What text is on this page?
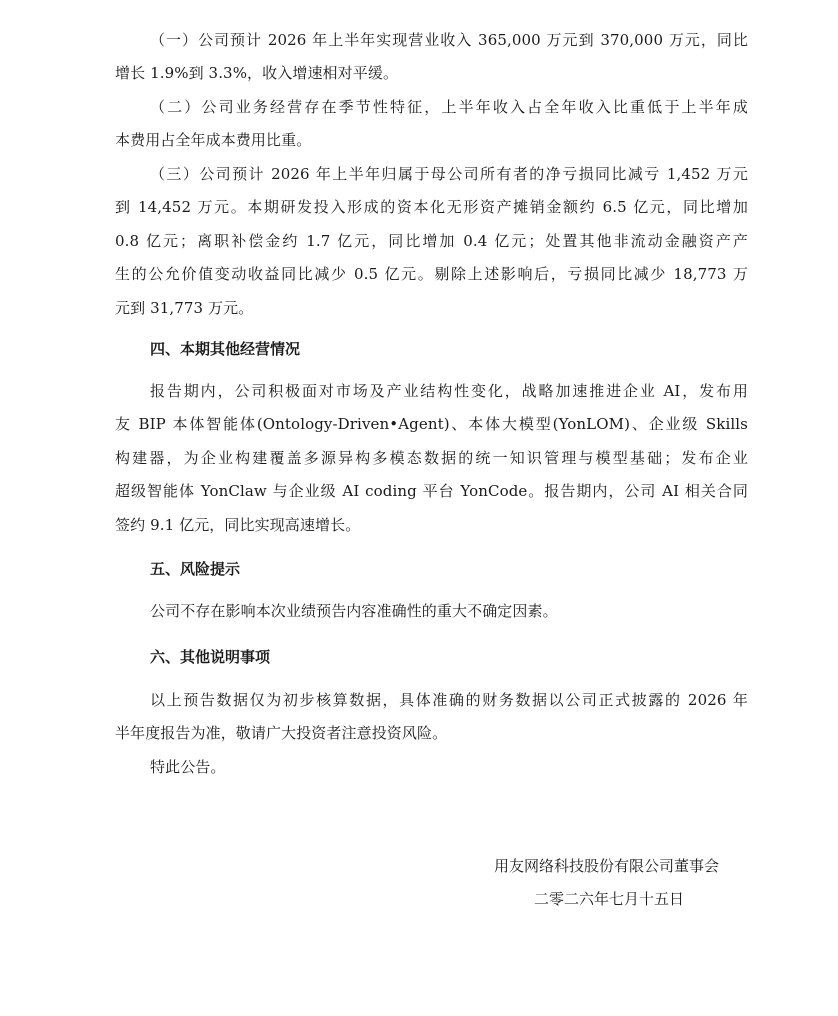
（一）公司预计 2026 年上半年实现营业收入 365,000 万元到 370,000 万元，同比
增长 1.9%到 3.3%，收入增速相对平缓。
（二）公司业务经营存在季节性特征，上半年收入占全年收入比重低于上半年成
本费用占全年成本费用比重。
（三）公司预计 2026 年上半年归属于母公司所有者的净亏损同比减亏 1,452 万元
到 14,452 万元。本期研发投入形成的资本化无形资产摊销金额约 6.5 亿元，同比增加
0.8 亿元；离职补偿金约 1.7 亿元，同比增加 0.4 亿元；处置其他非流动金融资产产
生的公允价值变动收益同比减少 0.5 亿元。剔除上述影响后，亏损同比减少 18,773 万
元到 31,773 万元。
四、本期其他经营情况
报告期内，公司积极面对市场及产业结构性变化，战略加速推进企业 AI，发布用
友 BIP 本体智能体(Ontology-Driven•Agent)、本体大模型(YonLOM)、企业级 Skills
构建器，为企业构建覆盖多源异构多模态数据的统一知识管理与模型基础；发布企业
超级智能体 YonClaw 与企业级 AI coding 平台 YonCode。报告期内，公司 AI 相关合同
签约 9.1 亿元，同比实现高速增长。
五、风险提示
公司不存在影响本次业绩预告内容准确性的重大不确定因素。
六、其他说明事项
以上预告数据仅为初步核算数据，具体准确的财务数据以公司正式披露的 2026 年
半年度报告为准，敬请广大投资者注意投资风险。
特此公告。
用友网络科技股份有限公司董事会
二零二六年七月十五日
